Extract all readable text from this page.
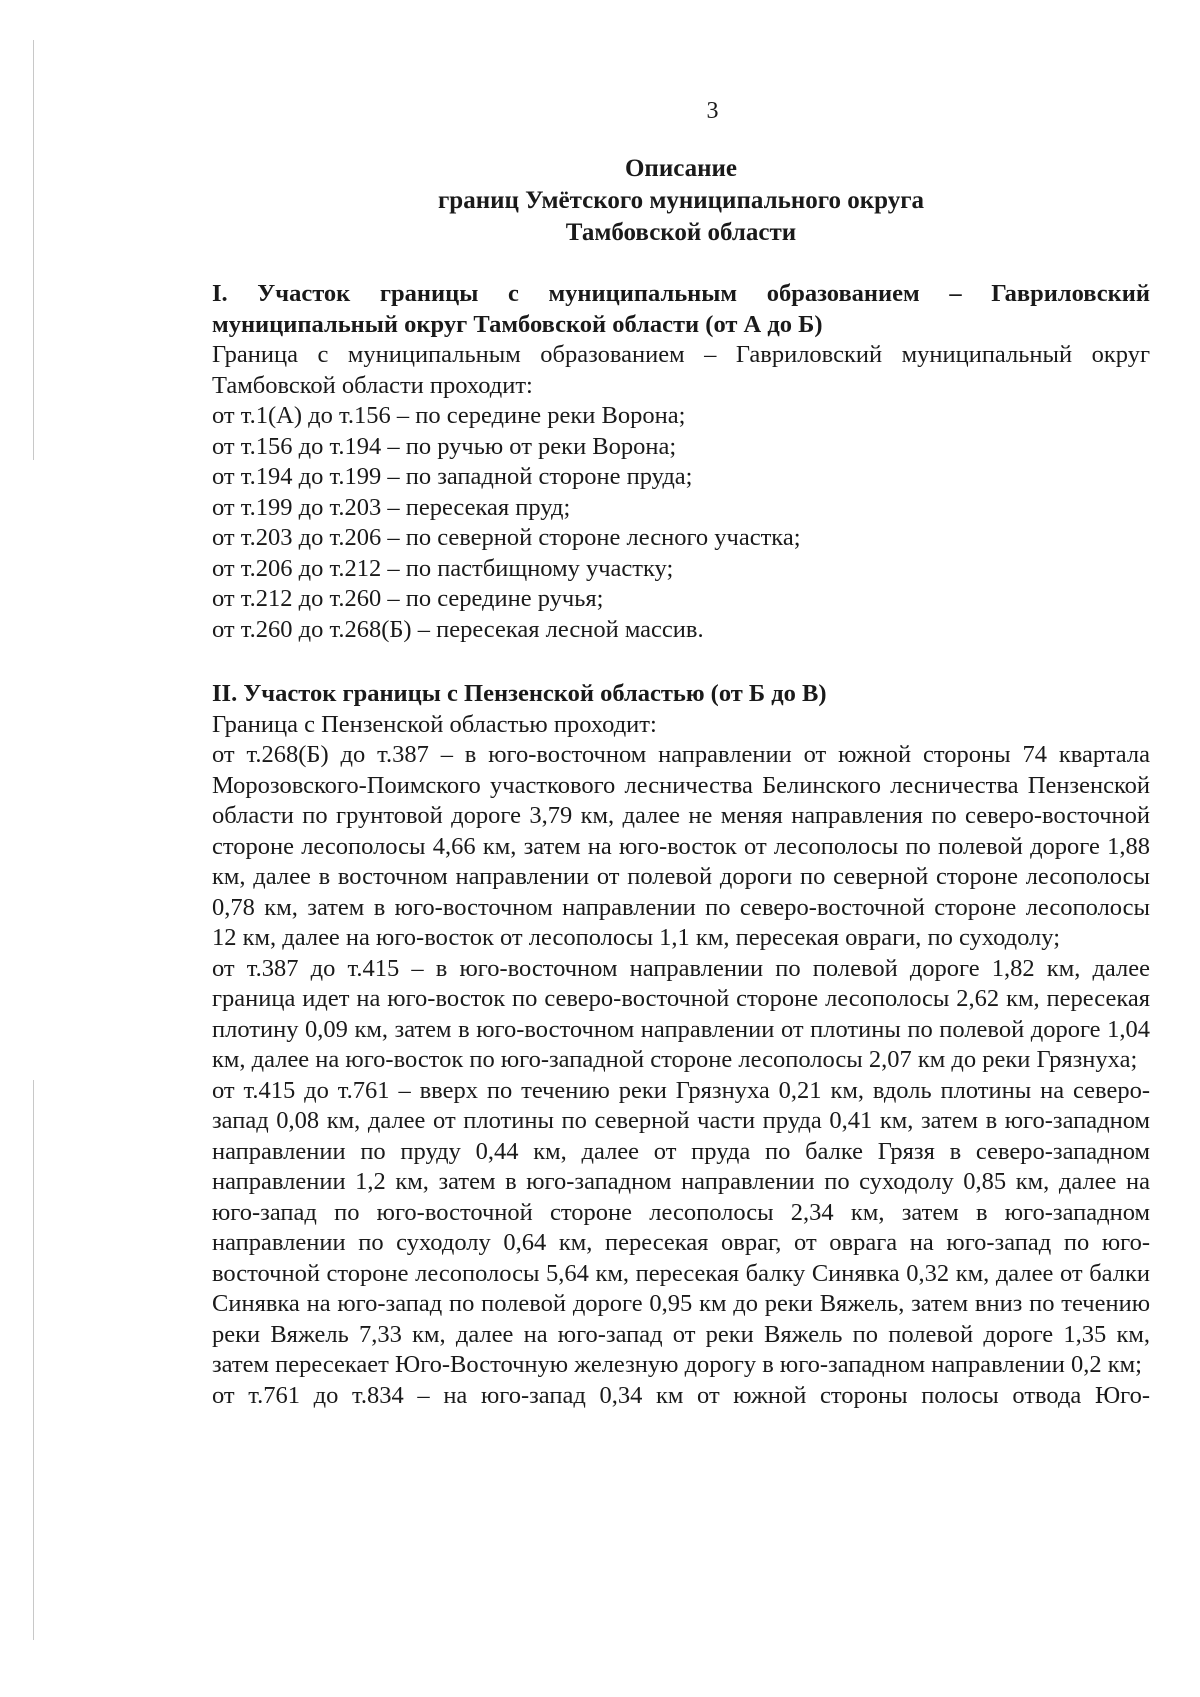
3
Описание
границ Умётского муниципального округа
Тамбовской области

I. Участок границы с муниципальным образованием – Гавриловский муниципальный округ Тамбовской области (от А до Б)

Граница с муниципальным образованием – Гавриловский муниципальный округ Тамбовской области проходит:

от т.1(А) до т.156 – по середине реки Ворона;

от т.156 до т.194 – по ручью от реки Ворона;

от т.194 до т.199 – по западной стороне пруда;

от т.199 до т.203 – пересекая пруд;

от т.203 до т.206 – по северной стороне лесного участка;

от т.206 до т.212 – по пастбищному участку;

от т.212 до т.260 – по середине ручья;

от т.260 до т.268(Б) – пересекая лесной массив.

II. Участок границы с Пензенской областью (от Б до В)

Граница с Пензенской областью проходит:

от т.268(Б) до т.387 – в юго-восточном направлении от южной стороны 74 квартала Морозовского-Поимского участкового лесничества Белинского лесничества Пензенской области по грунтовой дороге 3,79 км, далее не меняя направления по северо-восточной стороне лесополосы 4,66 км, затем на юго-восток от лесополосы по полевой дороге 1,88 км, далее в восточном направлении от полевой дороги по северной стороне лесополосы 0,78 км, затем в юго-восточном направлении по северо-восточной стороне лесополосы 12 км, далее на юго-восток от лесополосы 1,1 км, пересекая овраги, по суходолу;

от т.387 до т.415 – в юго-восточном направлении по полевой дороге 1,82 км, далее граница идет на юго-восток по северо-восточной стороне лесополосы 2,62 км, пересекая плотину 0,09 км, затем в юго-восточном направлении от плотины по полевой дороге 1,04 км, далее на юго-восток по юго-западной стороне лесополосы 2,07 км до реки Грязнуха;

от т.415 до т.761 – вверх по течению реки Грязнуха 0,21 км, вдоль плотины на северо-запад 0,08 км, далее от плотины по северной части пруда 0,41 км, затем в юго-западном направлении по пруду 0,44 км, далее от пруда по балке Грязя в северо-западном направлении 1,2 км, затем в юго-западном направлении по суходолу 0,85 км, далее на юго-запад по юго-восточной стороне лесополосы 2,34 км, затем в юго-западном направлении по суходолу 0,64 км, пересекая овраг, от оврага на юго-запад по юго-восточной стороне лесополосы 5,64 км, пересекая балку Синявка 0,32 км, далее от балки Синявка на юго-запад по полевой дороге 0,95 км до реки Вяжель, затем вниз по течению реки Вяжель 7,33 км, далее на юго-запад от реки Вяжель по полевой дороге 1,35 км, затем пересекает Юго-Восточную железную дорогу в юго-западном направлении 0,2 км;

от т.761 до т.834 – на юго-запад 0,34 км от южной стороны полосы отвода Юго-
